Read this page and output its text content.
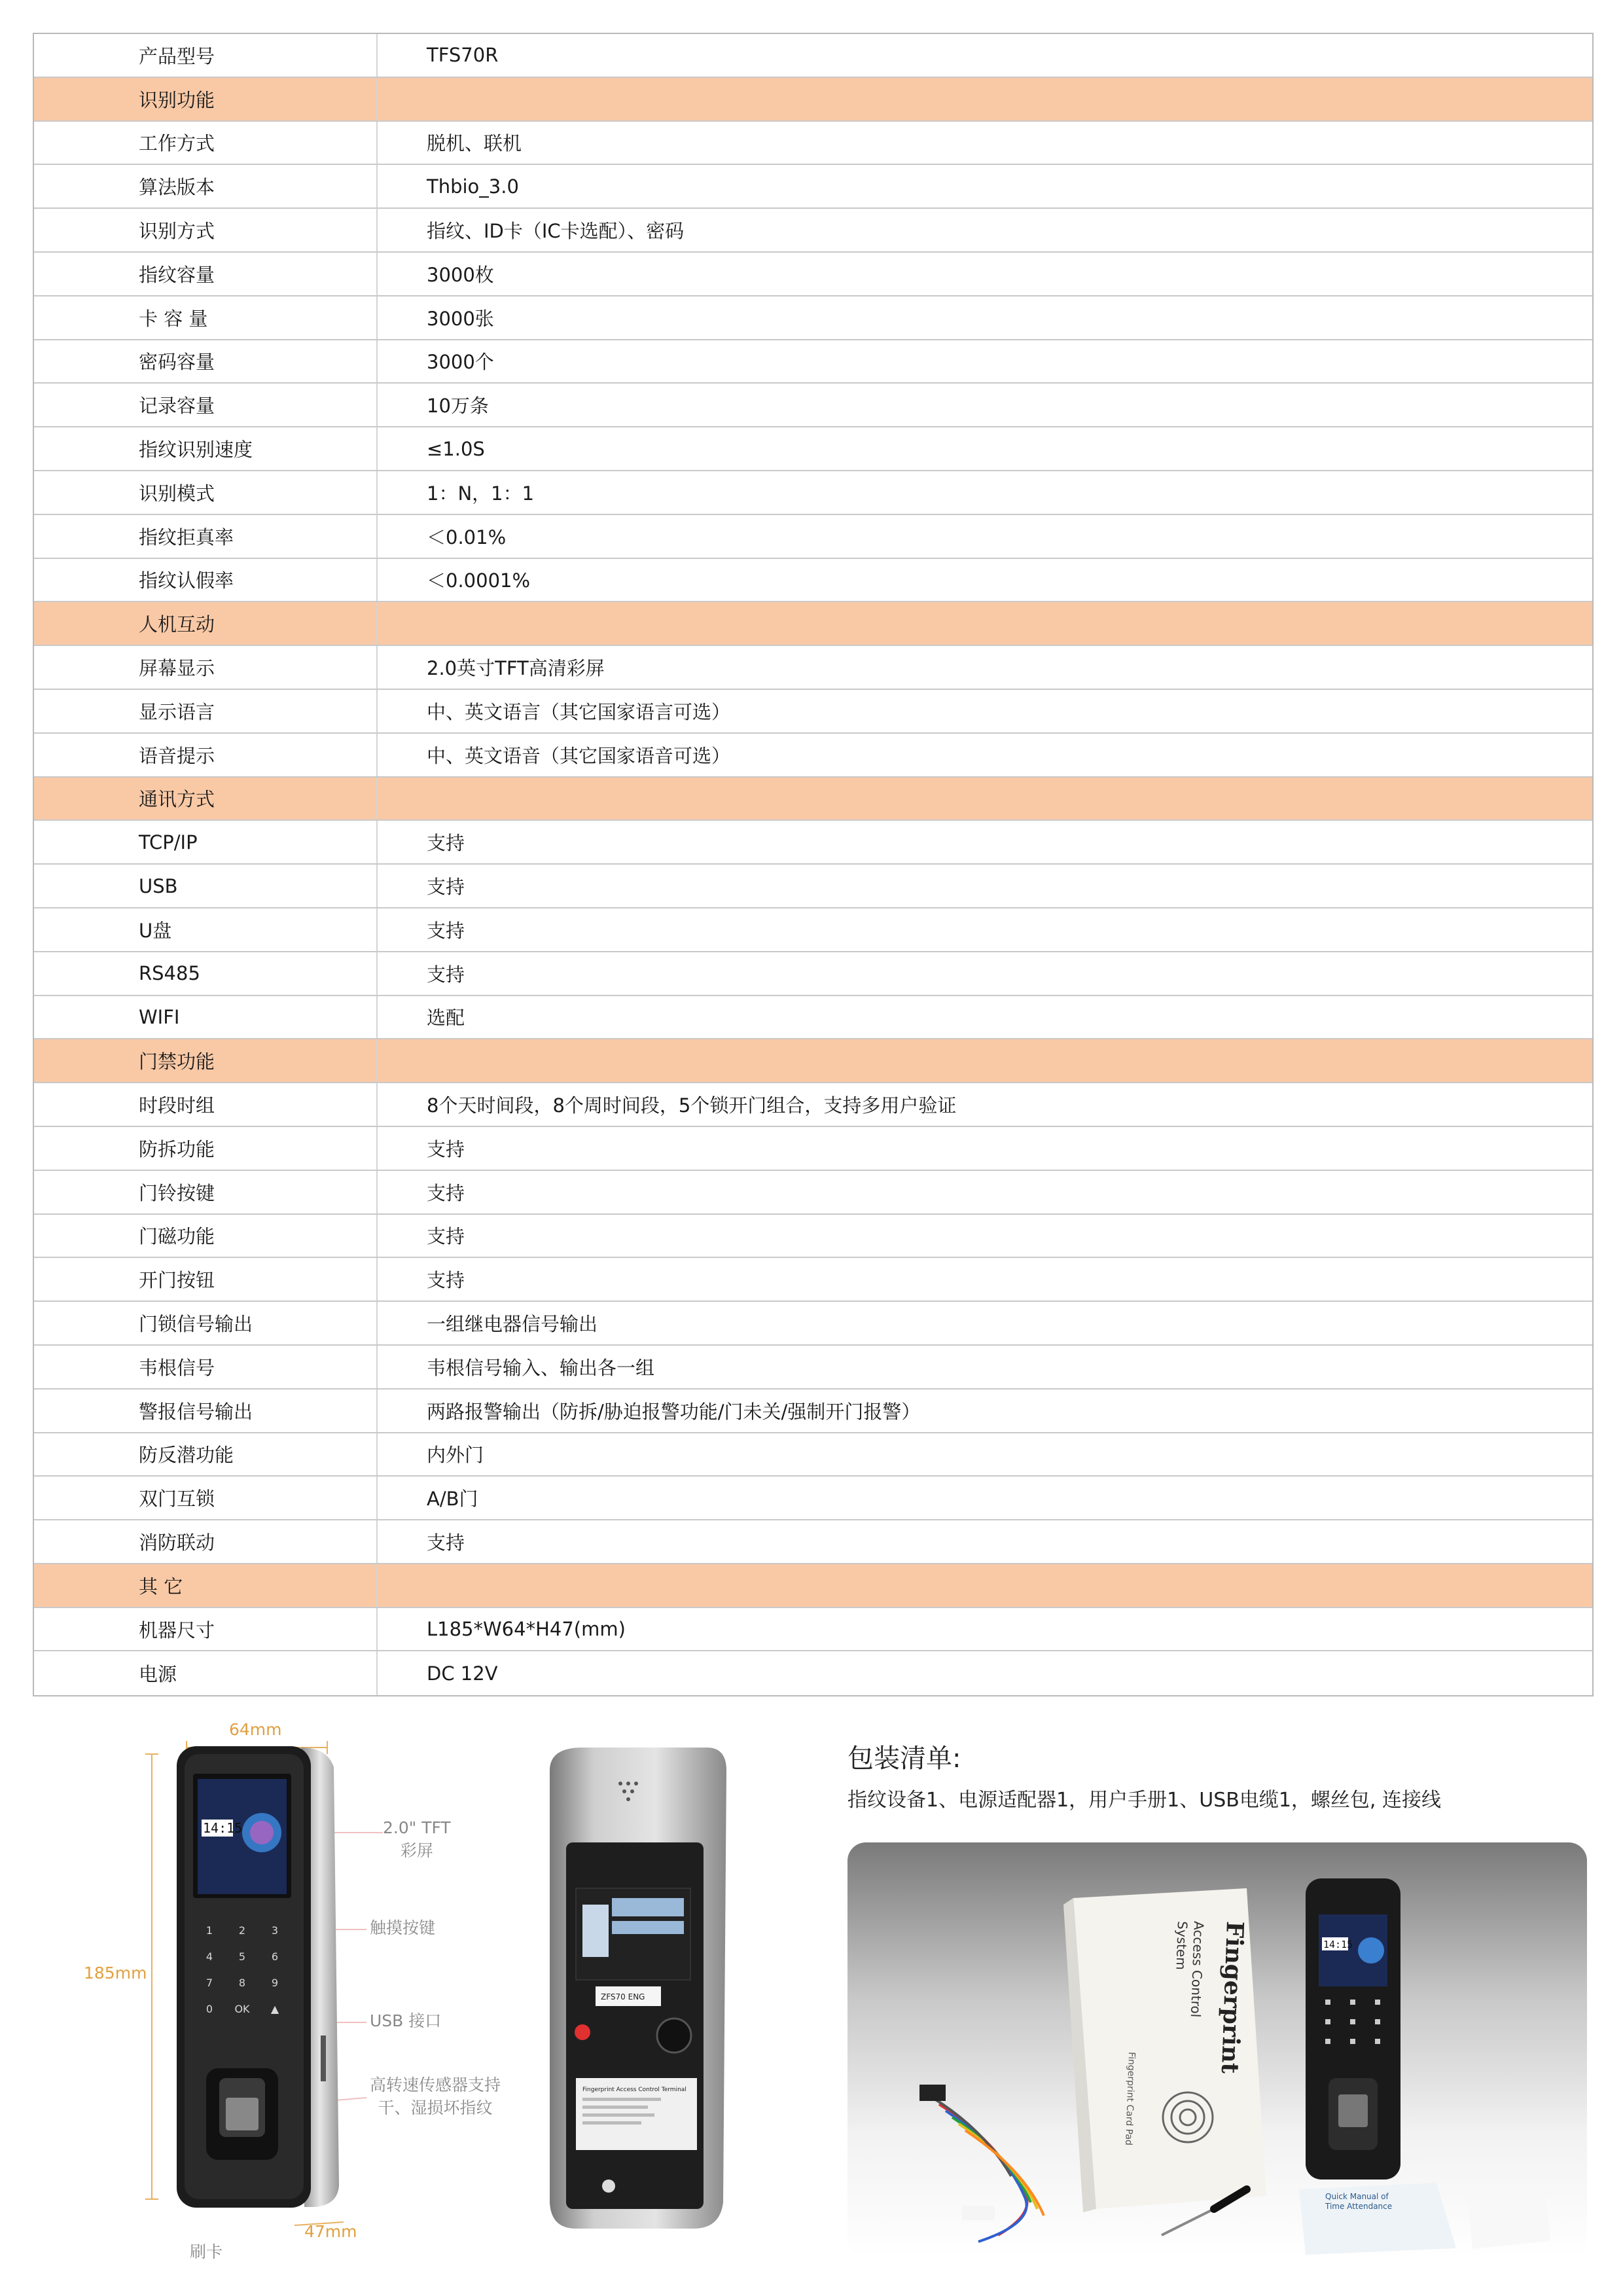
产品型号	TFS70R
识别功能
工作方式	脱机、联机
算法版本	Thbio_3.0
识别方式	指纹、ID卡（IC卡选配）、密码
指纹容量	3000枚
卡 容 量	3000张
密码容量	3000个
记录容量	10万条
指纹识别速度	≤1.0S
识别模式	1：N，1：1
指纹拒真率	＜0.01%
指纹认假率	＜0.0001%
人机互动
屏幕显示	2.0英寸TFT高清彩屏
显示语言	中、英文语言（其它国家语言可选）
语音提示	中、英文语音（其它国家语音可选）
通讯方式
TCP/IP	支持
USB	支持
U盘	支持
RS485	支持
WIFI	选配
门禁功能
时段时组	8个天时间段，8个周时间段，5个锁开门组合，支持多用户验证
防拆功能	支持
门铃按键	支持
门磁功能	支持
开门按钮	支持
门锁信号输出	一组继电器信号输出
韦根信号	韦根信号输入、输出各一组
警报信号输出	两路报警输出（防拆/胁迫报警功能/门未关/强制开门报警）
防反潜功能	内外门
双门互锁	A/B门
消防联动	支持
其 它
机器尺寸	L185*W64*H47(mm)
电源	DC 12V
64mm
185mm
47mm
刷卡
2.0" TFT
彩屏
触摸按键
USB 接口
高转速传感器支持
干、湿损坏指纹
14:15
1 2 3
4 5 6
7 8 9
0 OK ▲
ZFS70 ENG
Fingerprint Access Control Terminal
包装清单:
指纹设备1、电源适配器1，用户手册1、USB电缆1，螺丝包, 连接线
Fingerprint
Access Control
System
Fingerprint Card Pad
14:15
Quick Manual of
Time Attendance
